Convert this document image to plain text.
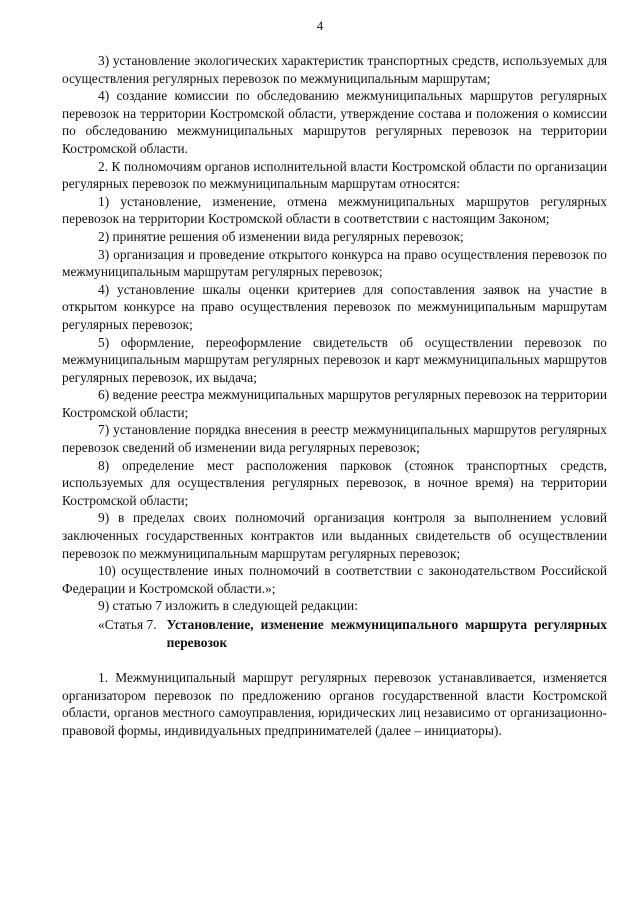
4

3) установление экологических характеристик транспортных средств, используемых для осуществления регулярных перевозок по межмуниципальным маршрутам;

4) создание комиссии по обследованию межмуниципальных маршрутов регулярных перевозок на территории Костромской области, утверждение состава и положения о комиссии по обследованию межмуниципальных маршрутов регулярных перевозок на территории Костромской области.

2. К полномочиям органов исполнительной власти Костромской области по организации регулярных перевозок по межмуниципальным маршрутам относятся:

1) установление, изменение, отмена межмуниципальных маршрутов регулярных перевозок на территории Костромской области в соответствии с настоящим Законом;

2) принятие решения об изменении вида регулярных перевозок;

3) организация и проведение открытого конкурса на право осуществления перевозок по межмуниципальным маршрутам регулярных перевозок;

4) установление шкалы оценки критериев для сопоставления заявок на участие в открытом конкурсе на право осуществления перевозок по межмуниципальным маршрутам регулярных перевозок;

5) оформление, переоформление свидетельств об осуществлении перевозок по межмуниципальным маршрутам регулярных перевозок и карт межмуниципальных маршрутов регулярных перевозок, их выдача;

6) ведение реестра межмуниципальных маршрутов регулярных перевозок на территории Костромской области;

7) установление порядка внесения в реестр межмуниципальных маршрутов регулярных перевозок сведений об изменении вида регулярных перевозок;

8) определение мест расположения парковок (стоянок транспортных средств, используемых для осуществления регулярных перевозок, в ночное время) на территории Костромской области;

9) в пределах своих полномочий организация контроля за выполнением условий заключенных государственных контрактов или выданных свидетельств об осуществлении перевозок по межмуниципальным маршрутам регулярных перевозок;

10) осуществление иных полномочий в соответствии с законодательством Российской Федерации и Костромской области.»;

9) статью 7 изложить в следующей редакции:

«Статья 7. Установление, изменение межмуниципального маршрута регулярных перевозок

1. Межмуниципальный маршрут регулярных перевозок устанавливается, изменяется организатором перевозок по предложению органов государственной власти Костромской области, органов местного самоуправления, юридических лиц независимо от организационно-правовой формы, индивидуальных предпринимателей (далее – инициаторы).
